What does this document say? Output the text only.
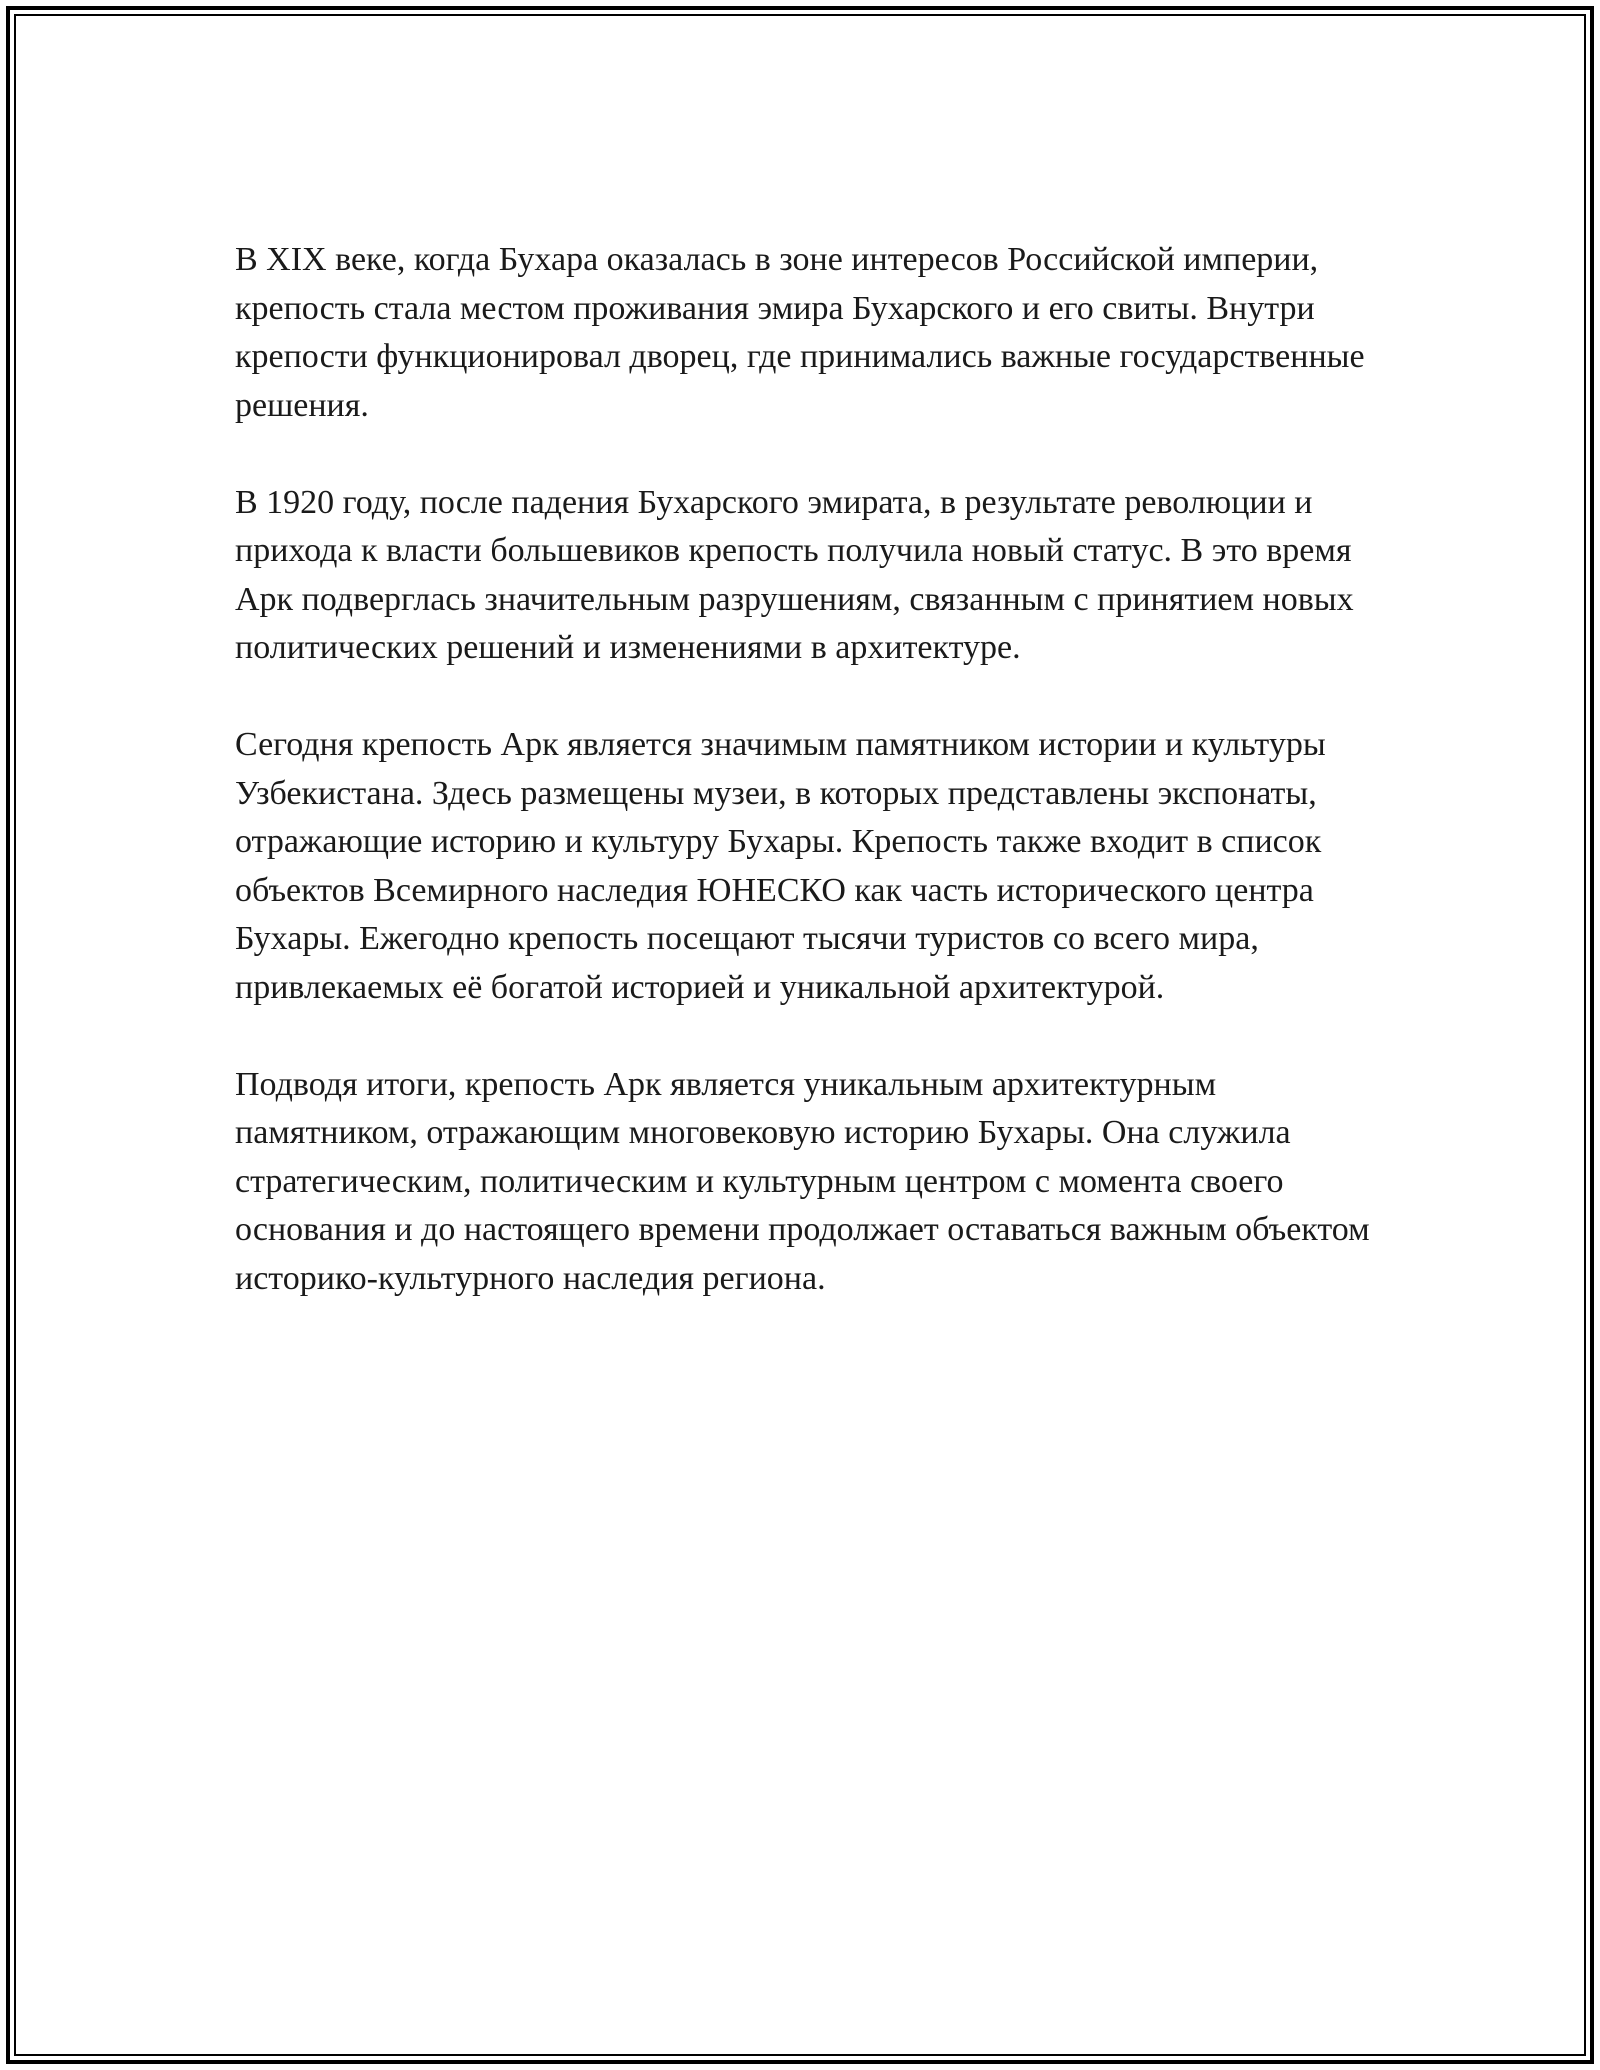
В XIX веке, когда Бухара оказалась в зоне интересов Российской империи, крепость стала местом проживания эмира Бухарского и его свиты. Внутри крепости функционировал дворец, где принимались важные государственные решения.

В 1920 году, после падения Бухарского эмирата, в результате революции и прихода к власти большевиков крепость получила новый статус. В это время Арк подверглась значительным разрушениям, связанным с принятием новых политических решений и изменениями в архитектуре.

Сегодня крепость Арк является значимым памятником истории и культуры Узбекистана. Здесь размещены музеи, в которых представлены экспонаты, отражающие историю и культуру Бухары. Крепость также входит в список объектов Всемирного наследия ЮНЕСКО как часть исторического центра Бухары. Ежегодно крепость посещают тысячи туристов со всего мира, привлекаемых её богатой историей и уникальной архитектурой.

Подводя итоги, крепость Арк является уникальным архитектурным памятником, отражающим многовековую историю Бухары. Она служила стратегическим, политическим и культурным центром с момента своего основания и до настоящего времени продолжает оставаться важным объектом историко-культурного наследия региона.
